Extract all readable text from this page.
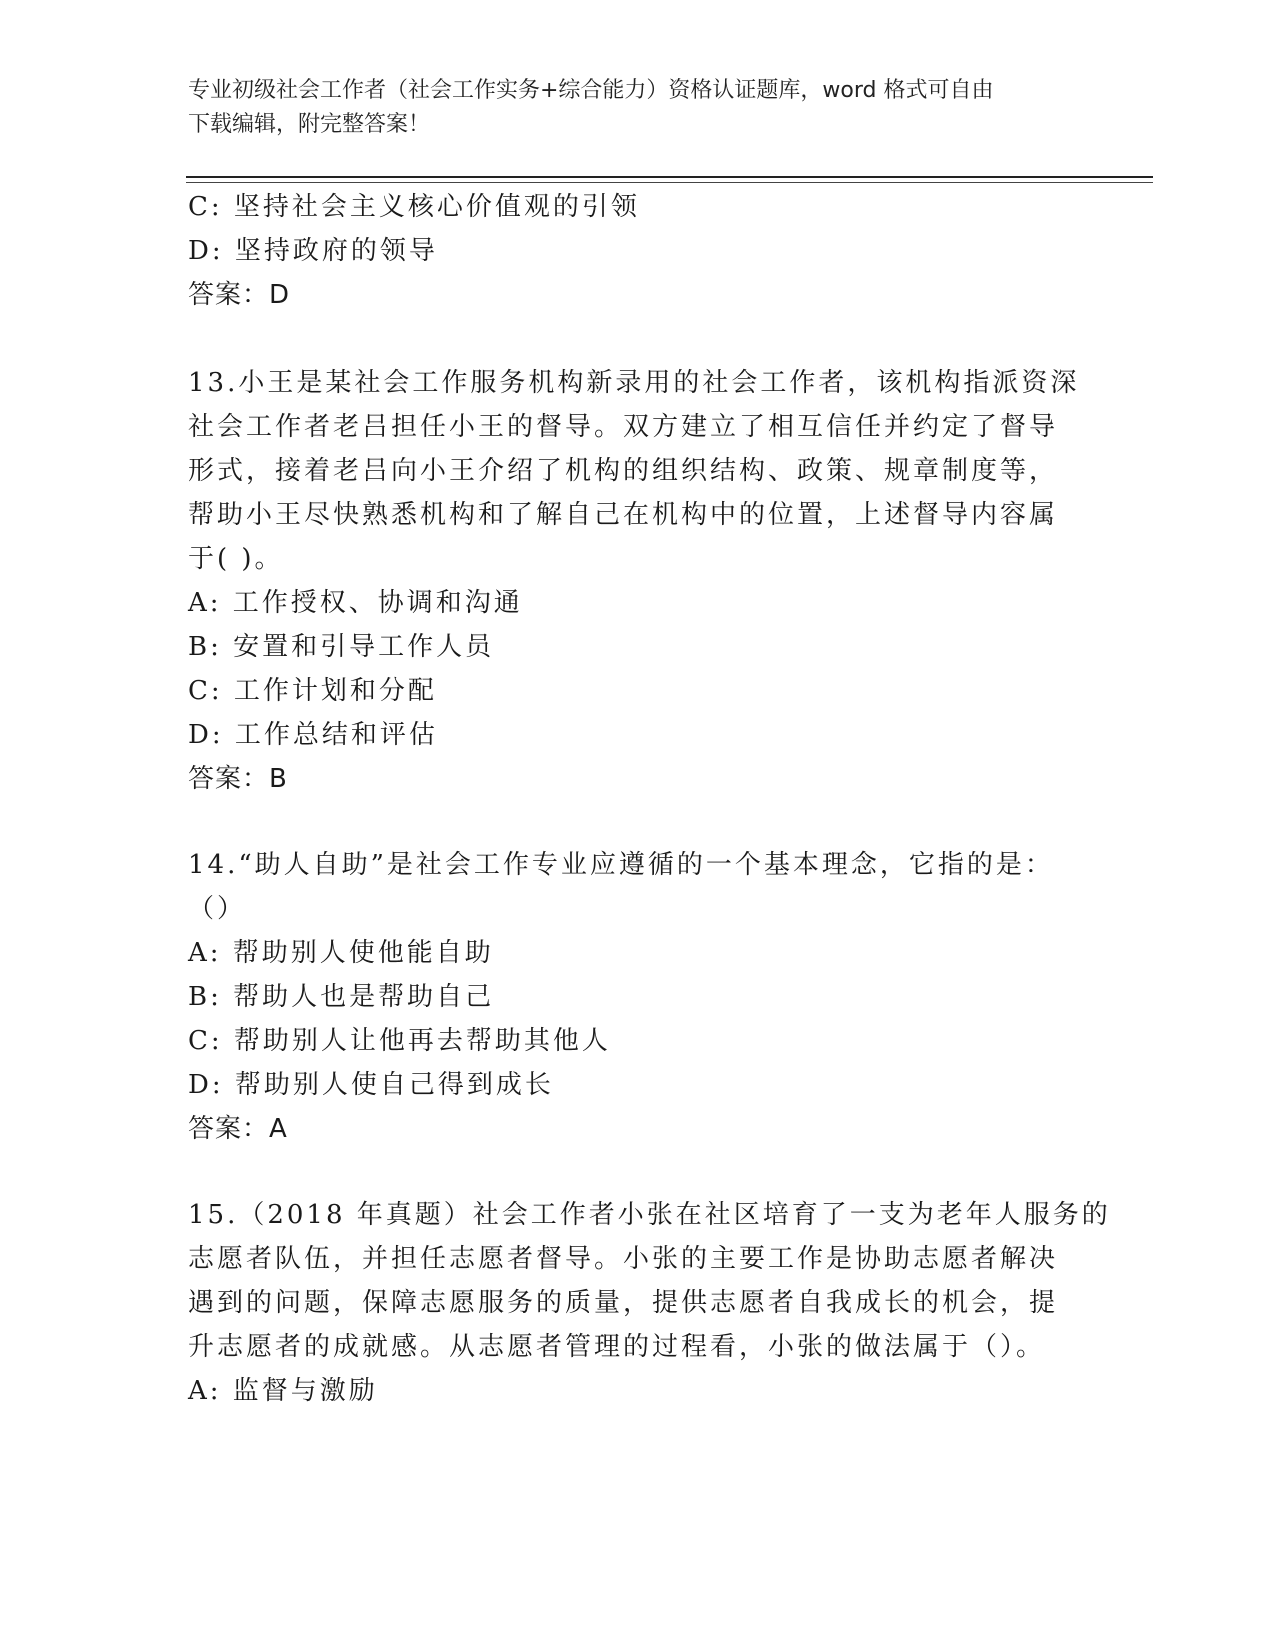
专业初级社会工作者（社会工作实务+综合能力）资格认证题库，word 格式可自由
下载编辑，附完整答案！
C: 坚持社会主义核心价值观的引领
D: 坚持政府的领导
答案：D
13.小王是某社会工作服务机构新录用的社会工作者，该机构指派资深
社会工作者老吕担任小王的督导。双方建立了相互信任并约定了督导
形式，接着老吕向小王介绍了机构的组织结构、政策、规章制度等，
帮助小王尽快熟悉机构和了解自己在机构中的位置，上述督导内容属
于( )。
A: 工作授权、协调和沟通
B: 安置和引导工作人员
C: 工作计划和分配
D: 工作总结和评估
答案：B
14.“助人自助”是社会工作专业应遵循的一个基本理念，它指的是：
（）
A: 帮助别人使他能自助
B: 帮助人也是帮助自己
C: 帮助别人让他再去帮助其他人
D: 帮助别人使自己得到成长
答案：A
15.（2018 年真题）社会工作者小张在社区培育了一支为老年人服务的
志愿者队伍，并担任志愿者督导。小张的主要工作是协助志愿者解决
遇到的问题，保障志愿服务的质量，提供志愿者自我成长的机会，提
升志愿者的成就感。从志愿者管理的过程看，小张的做法属于（）。
A: 监督与激励
